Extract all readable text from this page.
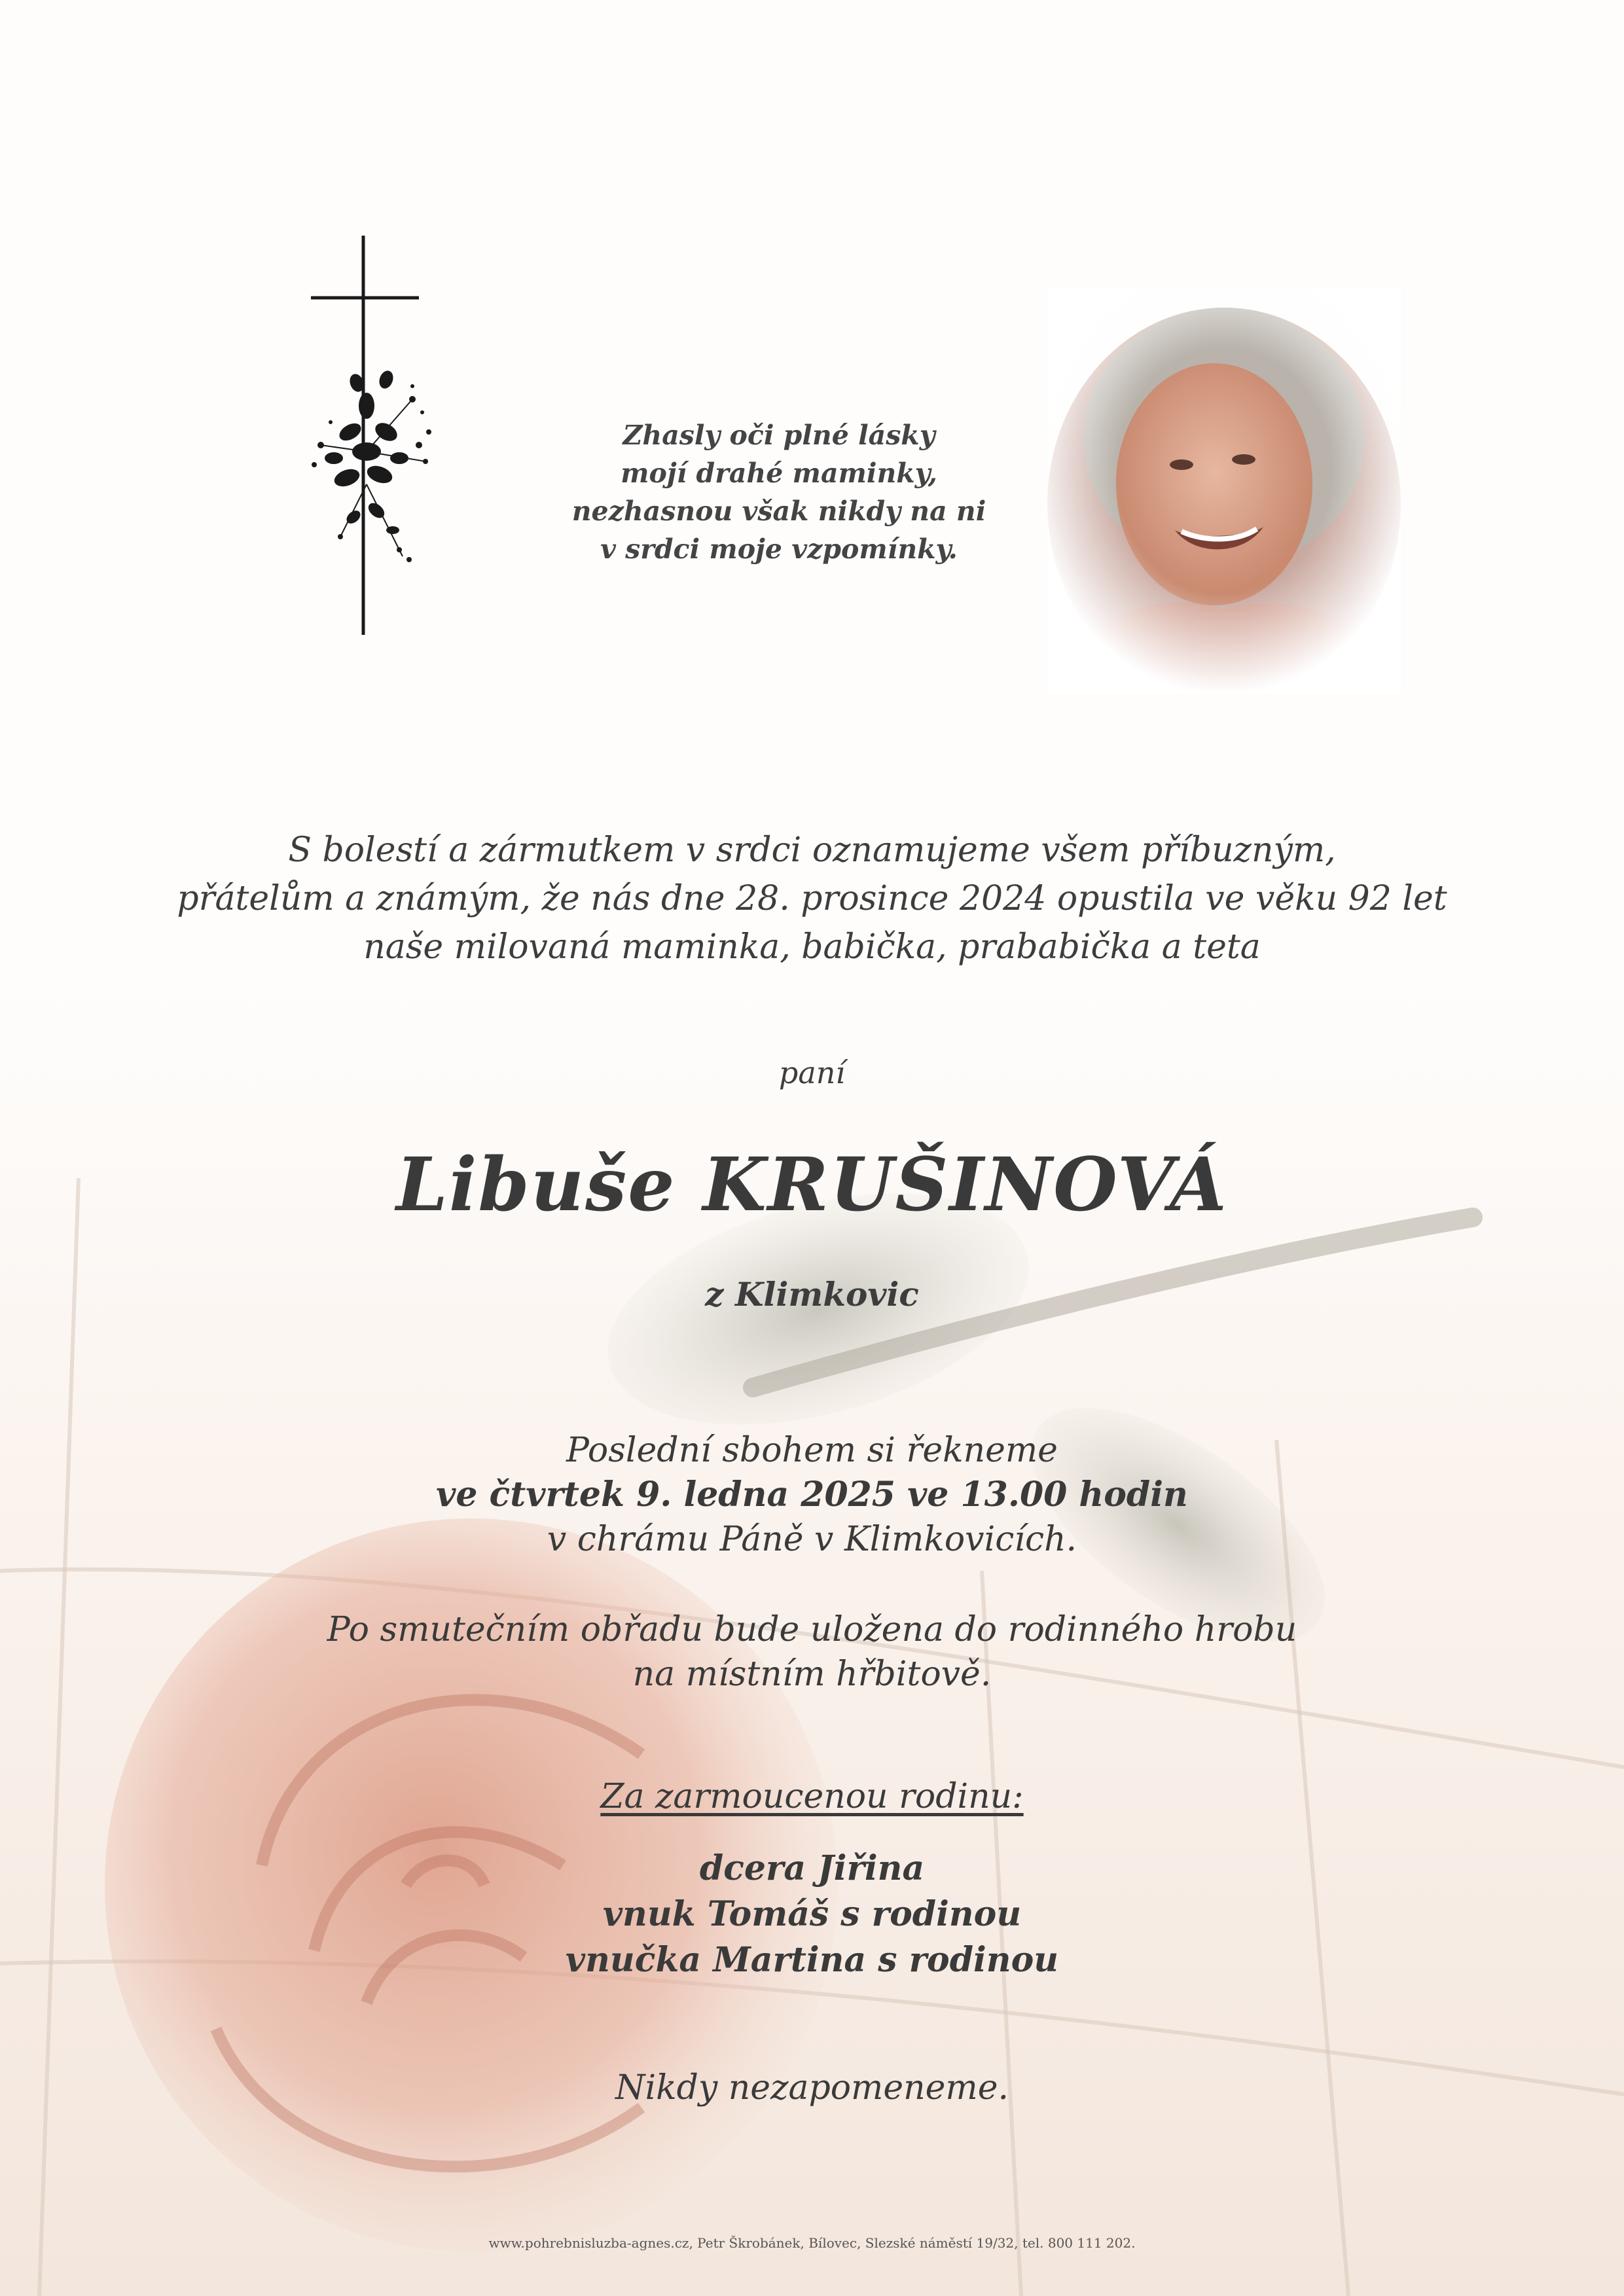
Zhasly oči plné lásky
mojí drahé maminky,
nezhasnou však nikdy na ni
v srdci moje vzpomínky.
S bolestí a zármutkem v srdci oznamujeme všem příbuzným,
přátelům a známým, že nás dne 28. prosince 2024 opustila ve věku 92 let
naše milovaná maminka, babička, prababička a teta
paní
Libuše KRUŠINOVÁ
z Klimkovic
Poslední sbohem si řekneme
ve čtvrtek 9. ledna 2025 ve 13.00 hodin
v chrámu Páně v Klimkovicích.
Po smutečním obřadu bude uložena do rodinného hrobu
na místním hřbitově.
Za zarmoucenou rodinu:
dcera Jiřina
vnuk Tomáš s rodinou
vnučka Martina s rodinou
Nikdy nezapomeneme.
www.pohrebnisluzba-agnes.cz, Petr Škrobánek, Bílovec, Slezské náměstí 19/32, tel. 800 111 202.
